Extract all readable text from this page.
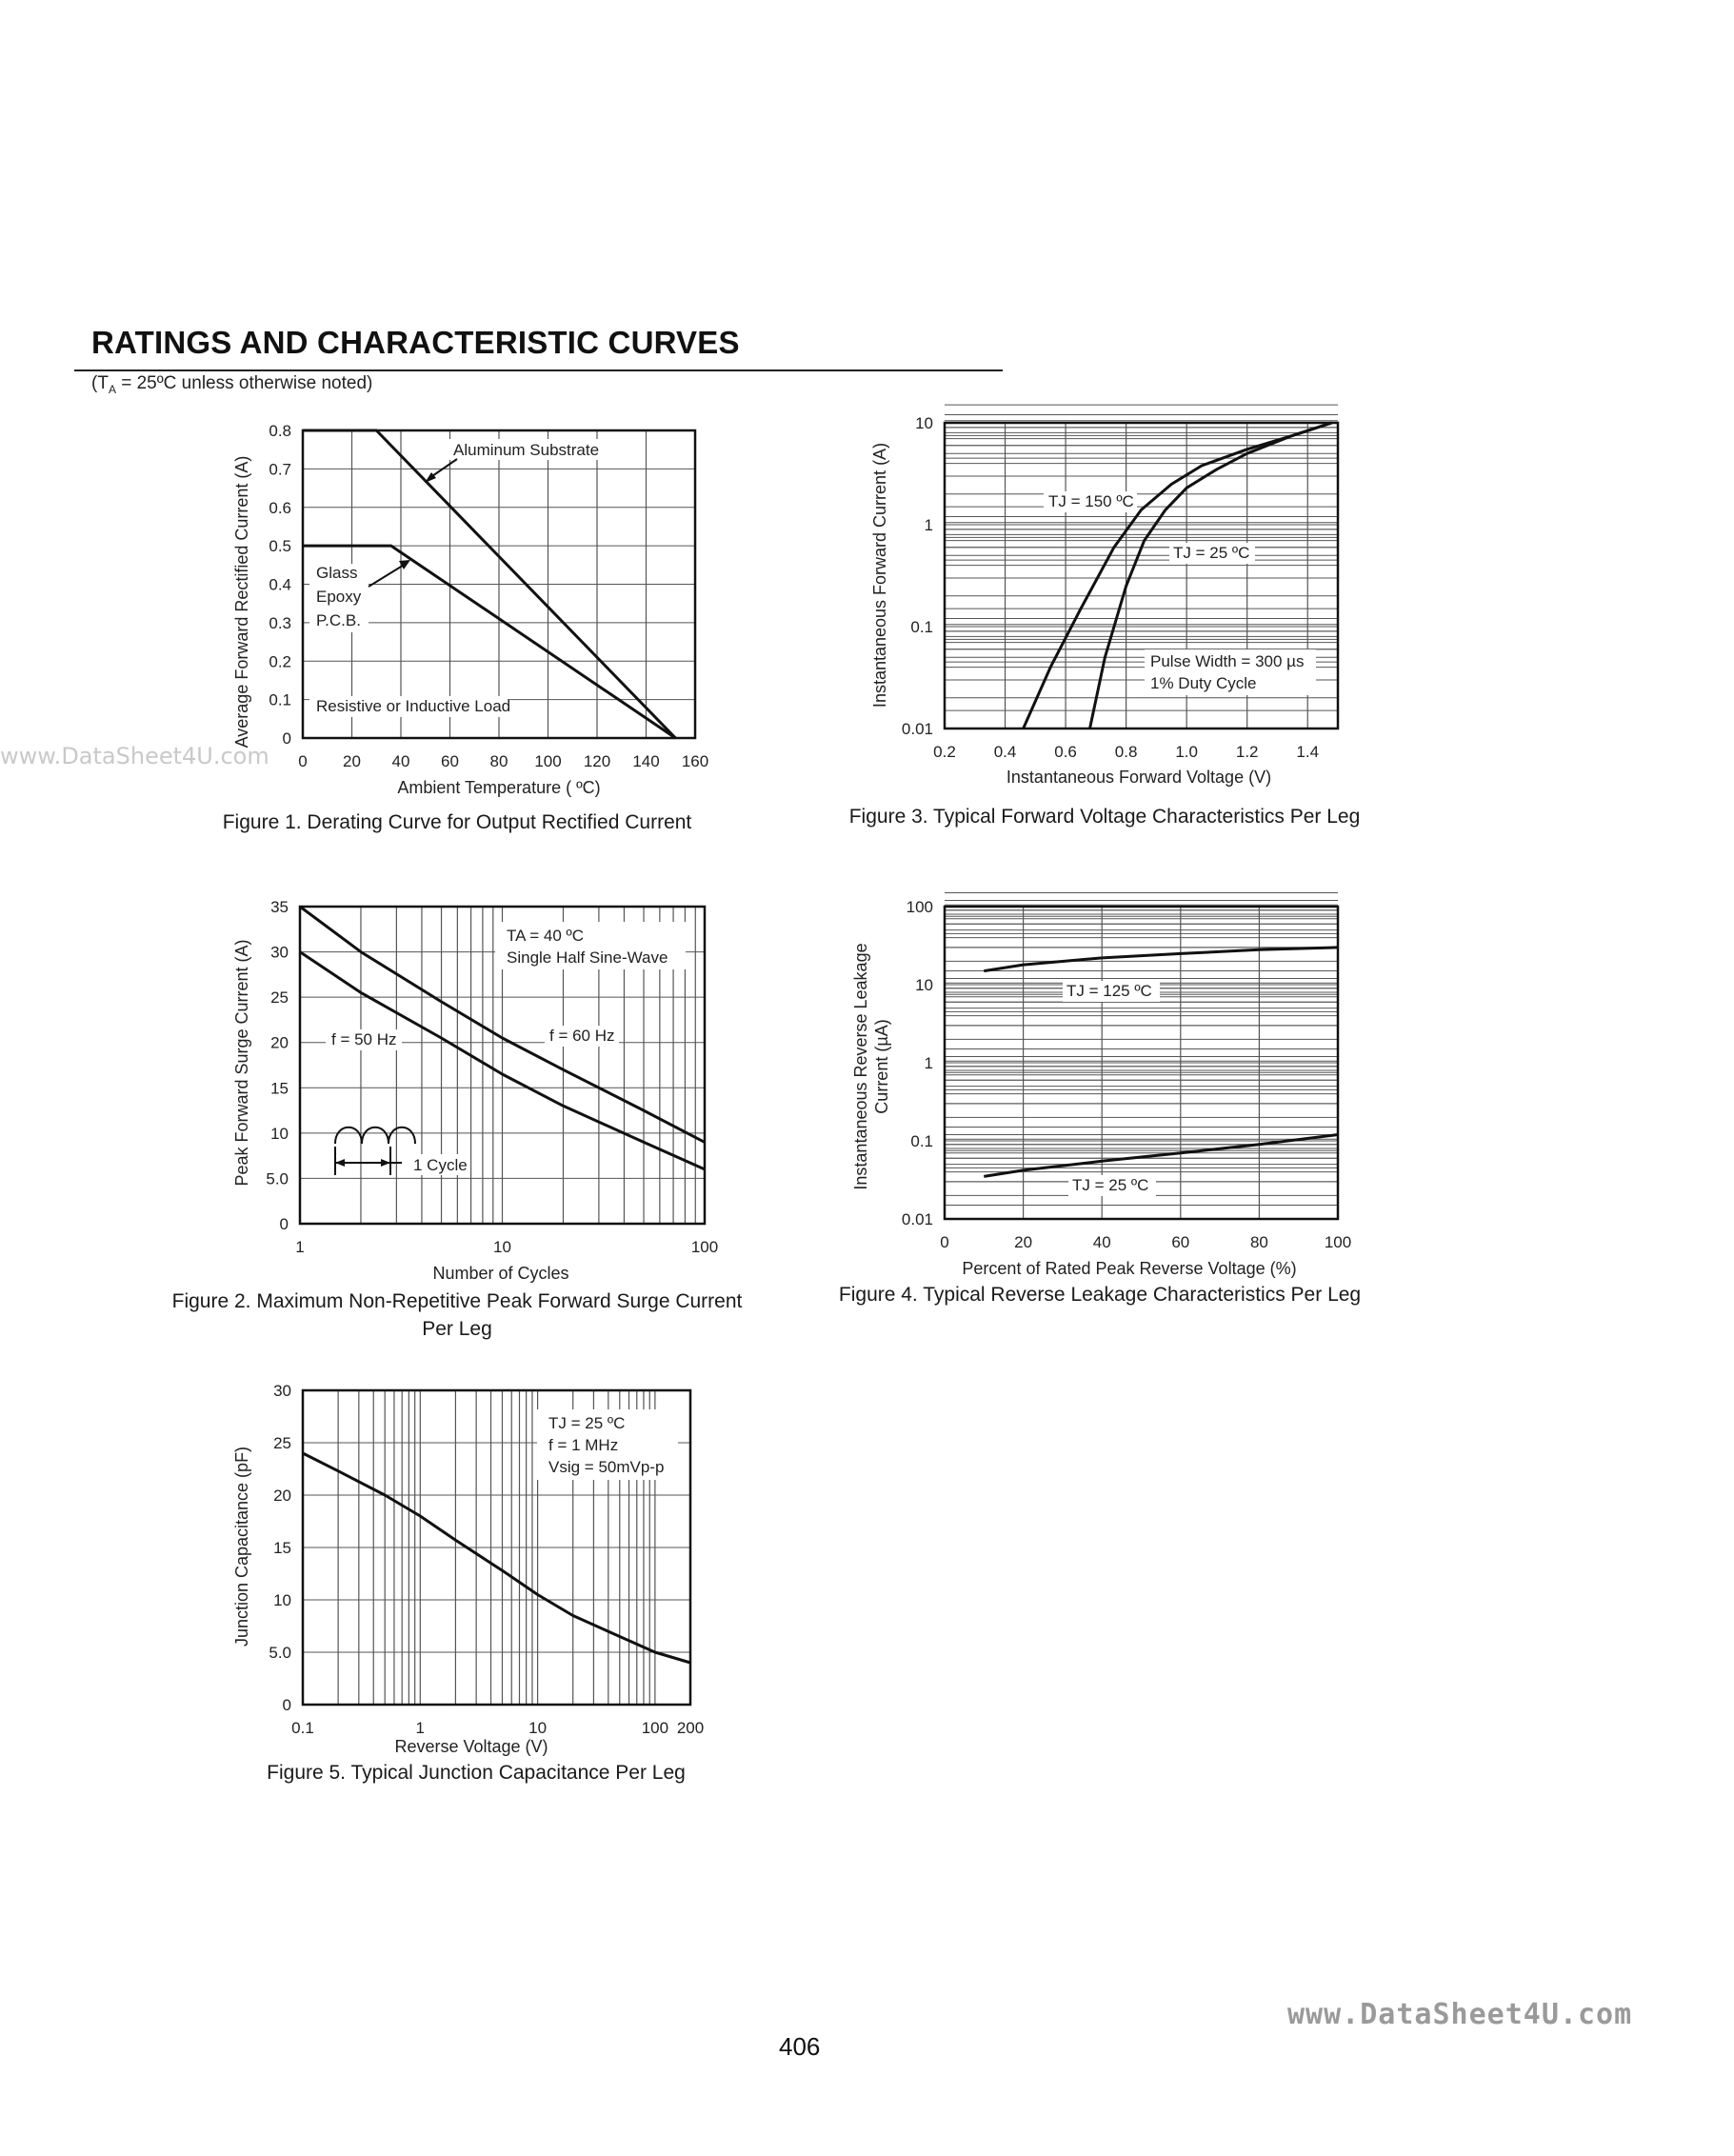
RATINGS AND CHARACTERISTIC CURVES
($T_A$ = 25ºC unless otherwise noted)
www.DataSheet4U.com 0 20 40 60 80 100 120 140 160
0
0.1
0.2
0.3
0.4
0.5
0.6
0.7
0.8
Ambient Temperature ( ºC)
Average Forward Rectified Current (A)
Aluminum Substrate
Glass
Epoxy
P.C.B.
Resistive or Inductive Load
Figure 1. Derating Curve for Output Rectified Current
1	10	100
0
5.0
10
15
20
25
30
35
Number of Cycles
Peak Forward Surge Current (A)
TA = 40 ºC
Single Half Sine-Wave
f = 60 Hz
f = 50 Hz
1 Cycle
Figure 2. Maximum Non-Repetitive Peak Forward Surge Current
Per Leg
0.2 0.4 0.6 0.8 1.0 1.2 1.4
0.01
0.1
1
10
Instantaneous Forward Voltage (V)
Instantaneous Forward Current (A)	TJ = 150 ºC
TJ = 25 ºC
Pulse Width = 300 µs
1% Duty Cycle
Figure 3. Typical Forward Voltage Characteristics Per Leg
0	20	40	60	80	100
0.01
0.1
1
10
100
Percent of Rated Peak Reverse Voltage (%)
Instantaneous Reverse Leakage Current (µA)
TJ = 125 ºC
TJ = 25 ºC
Figure 4. Typical Reverse Leakage Characteristics Per Leg
0.1	1	10	100 200
0
5.0
10
15
20
25
30
Reverse Voltage (V)
Junction Capacitance (pF)
TJ = 25 ºC
f = 1 MHz
Vsig = 50mVp-p
Figure 5. Typical Junction Capacitance Per Leg
406
www.DataSheet4U.com
